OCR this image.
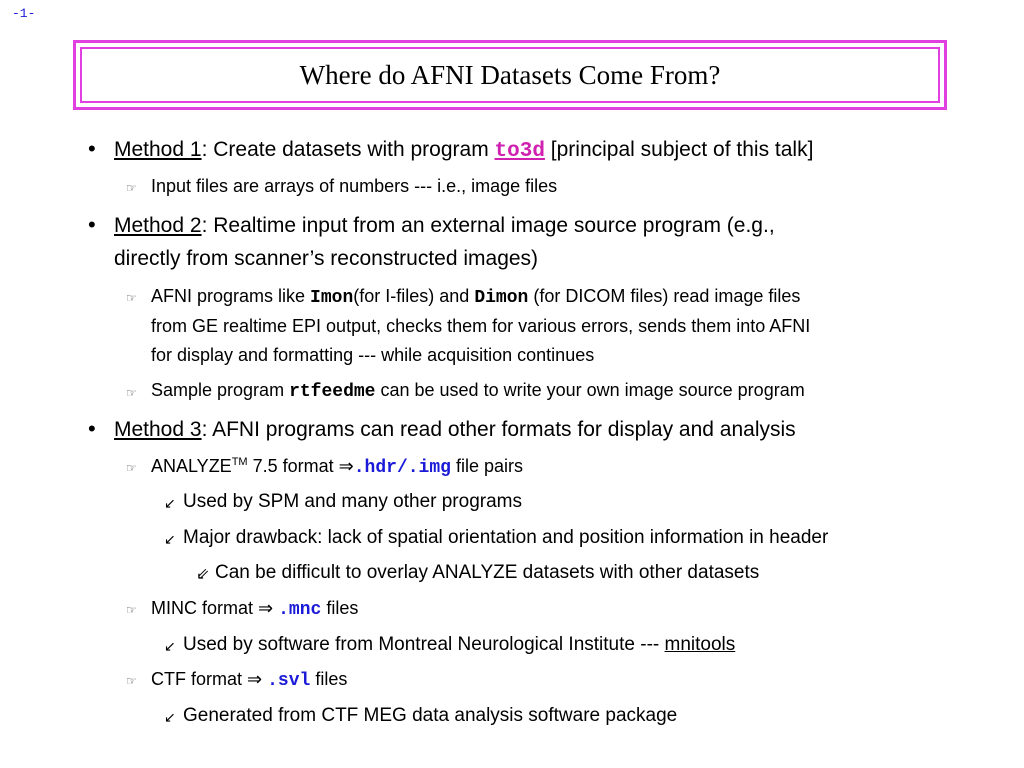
-1-
Where do AFNI Datasets Come From?
• Method 1: Create datasets with program to3d [principal subject of this talk]
☞ Input files are arrays of numbers --- i.e., image files
• Method 2: Realtime input from an external image source program (e.g.,
directly from scanner’s reconstructed images)
☞ AFNI programs like Imon(for I-files) and Dimon (for DICOM files) read image files
from GE realtime EPI output, checks them for various errors, sends them into AFNI
for display and formatting --- while acquisition continues
☞ Sample program rtfeedme can be used to write your own image source program
• Method 3: AFNI programs can read other formats for display and analysis
☞ ANALYZE™ 7.5 format ⇒.hdr/.img file pairs
↙ Used by SPM and many other programs
↙ Major drawback: lack of spatial orientation and position information in header
⇙ Can be difficult to overlay ANALYZE datasets with other datasets
☞ MINC format ⇒ .mnc files
↙ Used by software from Montreal Neurological Institute --- mnitools
☞ CTF format ⇒ .svl files
↙ Generated from CTF MEG data analysis software package
